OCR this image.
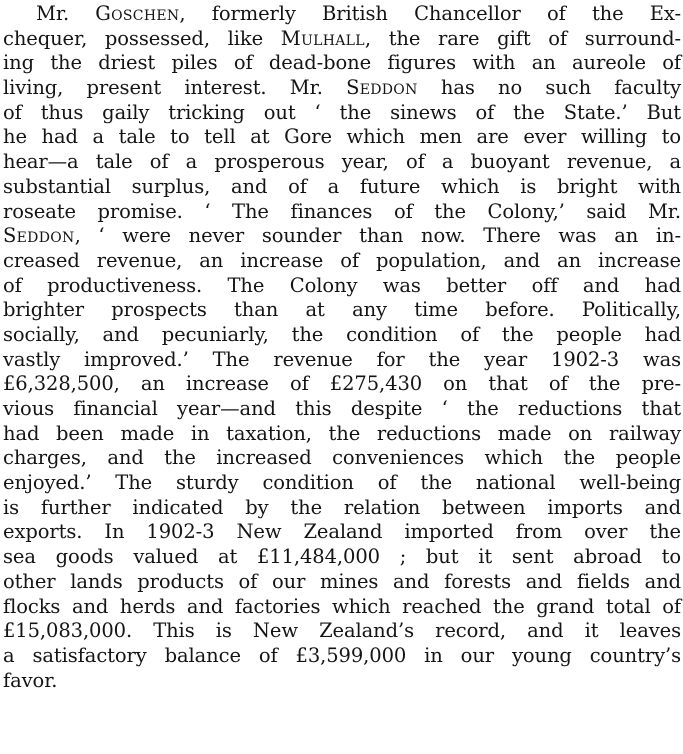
Mr. Goschen, formerly British Chancellor of the Ex-
chequer, possessed, like Mulhall, the rare gift of surround-
ing the driest piles of dead-bone figures with an aureole of
living, present interest. Mr. Seddon has no such faculty
of thus gaily tricking out ‘ the sinews of the State.’ But
he had a tale to tell at Gore which men are ever willing to
hear—a tale of a prosperous year, of a buoyant revenue, a
substantial surplus, and of a future which is bright with
roseate promise. ‘ The finances of the Colony,’ said Mr.
Seddon, ‘ were never sounder than now. There was an in-
creased revenue, an increase of population, and an increase
of productiveness. The Colony was better off and had
brighter prospects than at any time before. Politically,
socially, and pecuniarly, the condition of the people had
vastly improved.’ The revenue for the year 1902-3 was
£6,328,500, an increase of £275,430 on that of the pre-
vious financial year—and this despite ‘ the reductions that
had been made in taxation, the reductions made on railway
charges, and the increased conveniences which the people
enjoyed.’ The sturdy condition of the national well-being
is further indicated by the relation between imports and
exports. In 1902-3 New Zealand imported from over the
sea goods valued at £11,484,000 ; but it sent abroad to
other lands products of our mines and forests and fields and
flocks and herds and factories which reached the grand total of
£15,083,000. This is New Zealand’s record, and it leaves
a satisfactory balance of £3,599,000 in our young country’s
favor.
